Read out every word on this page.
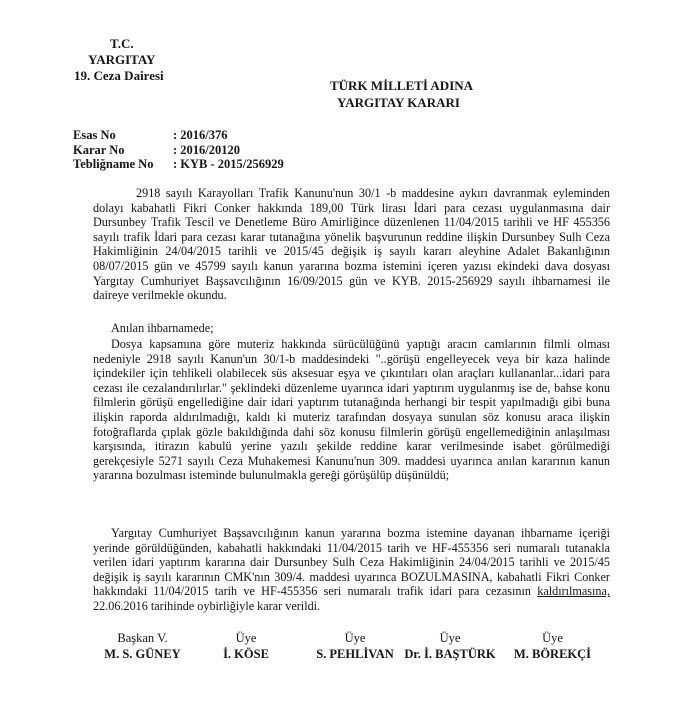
T.C.
YARGITAY
19. Ceza Dairesi
TÜRK MİLLETİ ADINA
YARGITAY KARARI
Esas No	: 2016/376
Karar No	: 2016/20120
Tebliğname No	: KYB - 2015/256929

2918 sayılı Karayolları Trafik Kanunu'nun 30/1 -b maddesine aykırı davranmak eyleminden dolayı kabahatli Fikri Conker hakkında 189,00 Türk lirası İdari para cezası uygulanmasına dair Dursunbey Trafik Tescil ve Denetleme Büro Amirliğince düzenlenen 11/04/2015 tarihli ve HF 455356 sayılı trafik İdari para cezası karar tutanağına yönelik başvurunun reddine ilişkin Dursunbey Sulh Ceza Hakimliğinin 24/04/2015 tarihli ve 2015/45 değişik iş sayılı kararı aleyhine Adalet Bakanlığının 08/07/2015 gün ve 45799 sayılı kanun yararına bozma istemini içeren yazısı ekindeki dava dosyası Yargıtay Cumhuriyet Başsavcılığının 16/09/2015 gün ve KYB. 2015-256929 sayılı ihbarnamesi ile daireye verilmekle okundu.

Anılan ihbarnamede;

Dosya kapsamına göre muteriz hakkında sürücülüğünü yaptığı aracın camlarının filmli olması nedeniyle 2918 sayılı Kanun'un 30/1-b maddesindeki "..görüşü engelleyecek veya bir kaza halinde içindekiler için tehlikeli olabilecek süs aksesuar eşya ve çıkıntıları olan araçları kullananlar...idari para cezası ile cezalandırılırlar." şeklindeki düzenleme uyarınca idari yaptırım uygulanmış ise de, bahse konu filmlerin görüşü engellediğine dair idari yaptırım tutanağında herhangi bir tespit yapılmadığı gibi buna ilişkin raporda aldırılmadığı, kaldı ki muteriz tarafından dosyaya sunulan söz konusu araca ilişkin fotoğraflarda çıplak gözle bakıldığında dahi söz konusu filmlerin görüşü engellemediğinin anlaşılması karşısında, itirazın kabulü yerine yazılı şekilde reddine karar verilmesinde isabet görülmediği gerekçesiyle 5271 sayılı Ceza Muhakemesi Kanunu'nun 309. maddesi uyarınca anılan kararının kanun yararına bozulması isteminde bulunulmakla gereği görüşülüp düşünüldü;

Yargıtay Cumhuriyet Başsavcılığının kanun yararına bozma istemine dayanan ihbarname içeriği yerinde görüldüğünden, kabahatli hakkındaki 11/04/2015 tarih ve HF-455356 seri numaralı tutanakla verilen idari yaptırım kararına dair Dursunbey Sulh Ceza Hakimliğinin 24/04/2015 tarihli ve 2015/45 değişik iş sayılı kararının CMK'nın 309/4. maddesi uyarınca BOZULMASINA, kabahatli Fikri Conker hakkındaki 11/04/2015 tarih ve HF-455356 seri numaralı trafik idari para cezasının kaldırılmasına, 22.06.2016 tarihinde oybirliğiyle karar verildi.

Başkan V.
M. S. GÜNEY
Üye
İ. KÖSE
Üye
S. PEHLİVAN
Üye
Dr. İ. BAŞTÜRK
Üye
M. BÖREKÇİ
